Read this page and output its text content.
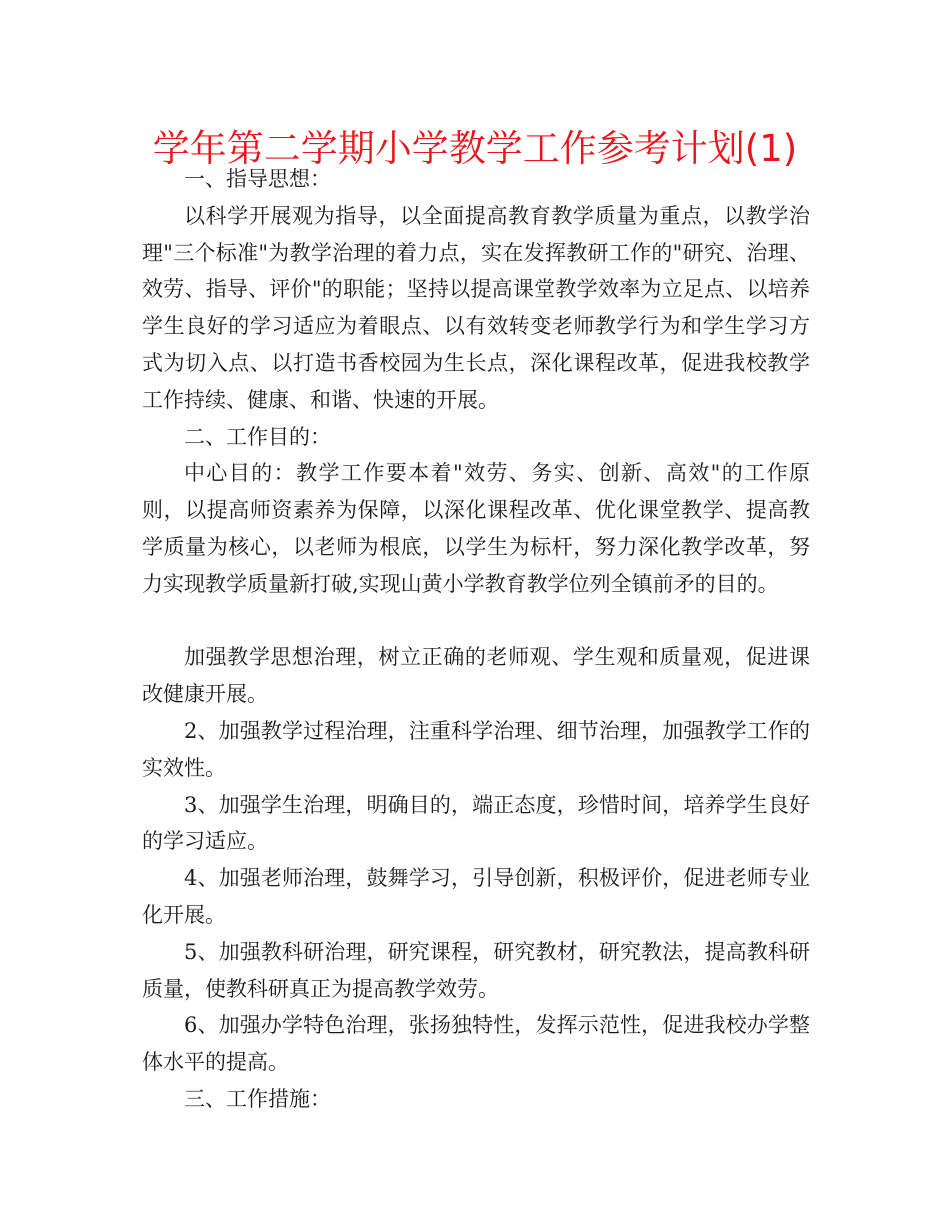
学年第二学期小学教学工作参考计划(1)

一、指导思想：

以科学开展观为指导，以全面提高教育教学质量为重点，以教学治理"三个标准"为教学治理的着力点，实在发挥教研工作的"研究、治理、效劳、指导、评价"的职能；坚持以提高课堂教学效率为立足点、以培养学生良好的学习适应为着眼点、以有效转变老师教学行为和学生学习方式为切入点、以打造书香校园为生长点，深化课程改革，促进我校教学工作持续、健康、和谐、快速的开展。

二、工作目的：

中心目的：教学工作要本着"效劳、务实、创新、高效"的工作原则，以提高师资素养为保障，以深化课程改革、优化课堂教学、提高教学质量为核心，以老师为根底，以学生为标杆，努力深化教学改革，努力实现教学质量新打破,实现山黄小学教育教学位列全镇前矛的目的。

加强教学思想治理，树立正确的老师观、学生观和质量观，促进课改健康开展。

2、加强教学过程治理，注重科学治理、细节治理，加强教学工作的实效性。

3、加强学生治理，明确目的，端正态度，珍惜时间，培养学生良好的学习适应。

4、加强老师治理，鼓舞学习，引导创新，积极评价，促进老师专业化开展。

5、加强教科研治理，研究课程，研究教材，研究教法，提高教科研质量，使教科研真正为提高教学效劳。

6、加强办学特色治理，张扬独特性，发挥示范性，促进我校办学整体水平的提高。

三、工作措施：
